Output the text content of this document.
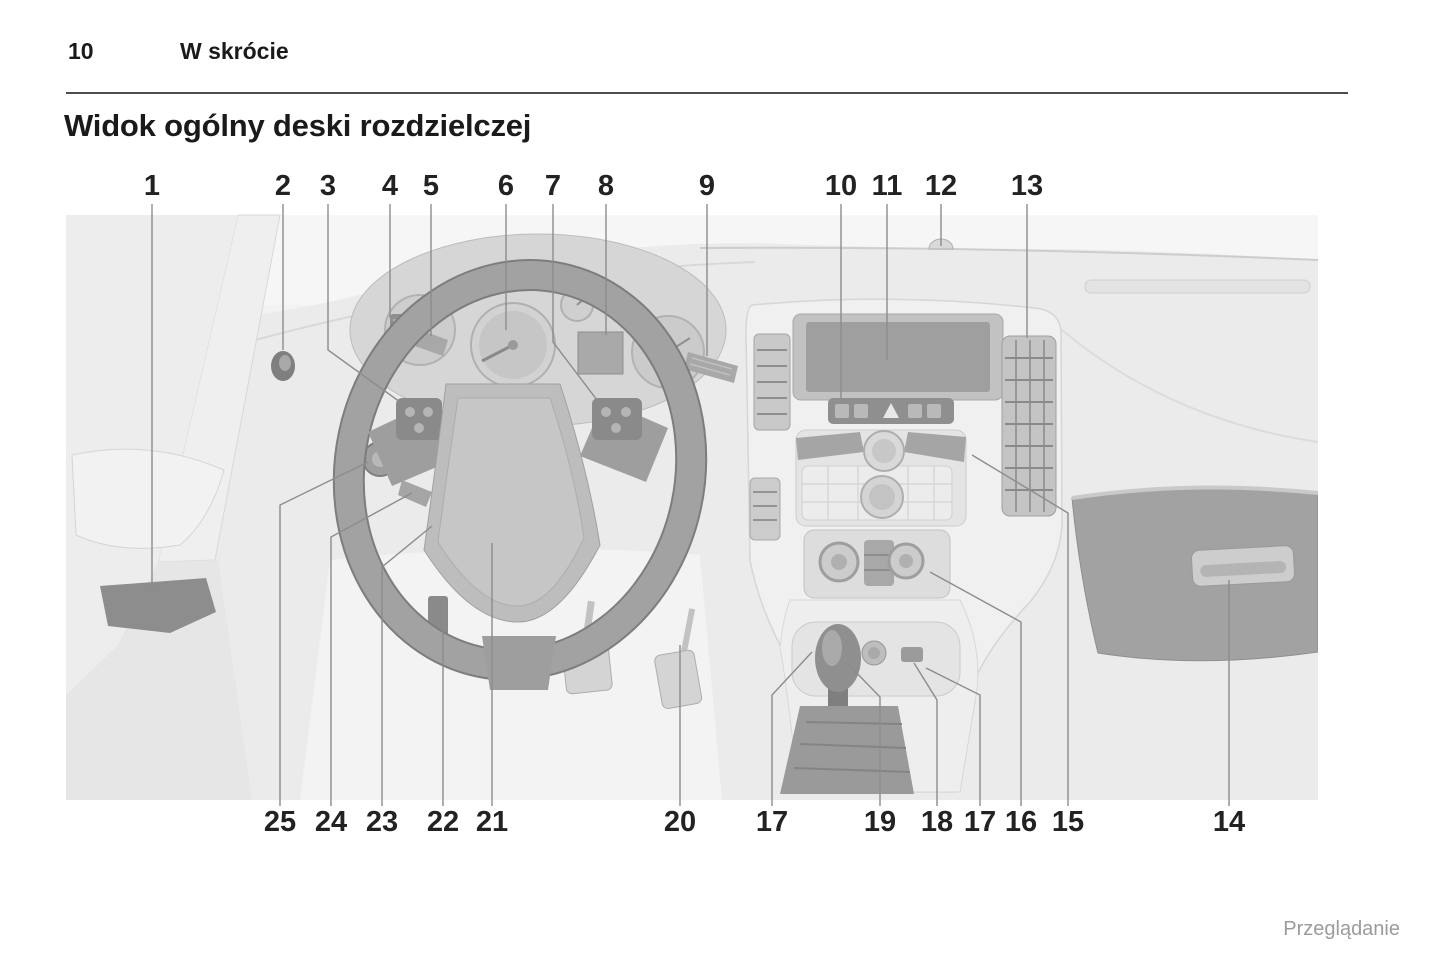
10	W skrócie
Widok ogólny deski rozdzielczej
1	2 3 4 5 6 7 8	9	10 11 12 13
25 24 23 22 21	20 17	19 18 17 16 15	14
Przeglądanie
